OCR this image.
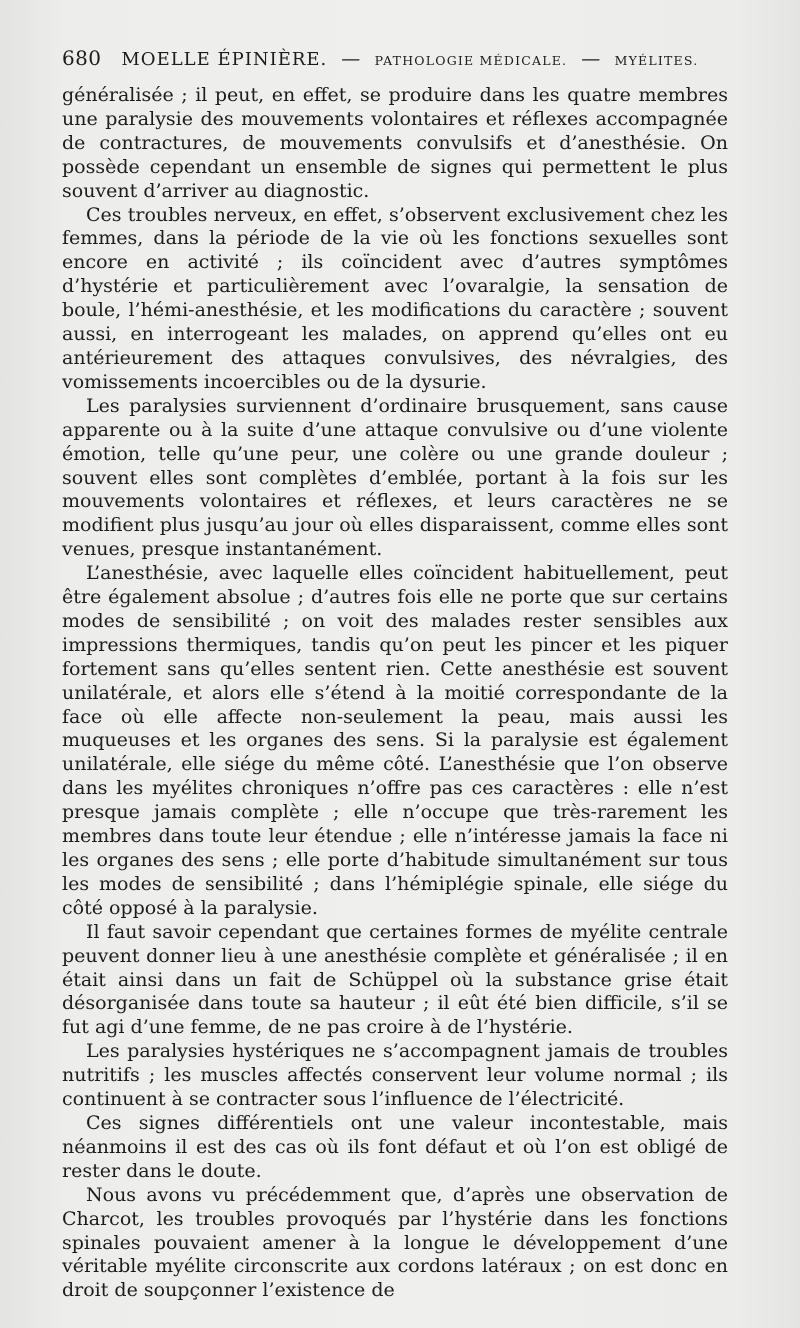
680 MOELLE ÉPINIÈRE. — PATHOLOGIE MÉDICALE. — MYÉLITES.

généralisée ; il peut, en effet, se produire dans les quatre membres une paralysie des mouvements volontaires et réflexes accompagnée de contractures, de mouvements convulsifs et d’anesthésie. On possède cependant un ensemble de signes qui permettent le plus souvent d’arriver au diagnostic.

Ces troubles nerveux, en effet, s’observent exclusivement chez les femmes, dans la période de la vie où les fonctions sexuelles sont encore en activité ; ils coïncident avec d’autres symptômes d’hystérie et particulièrement avec l’ovaralgie, la sensation de boule, l’hémi-anesthésie, et les modifications du caractère ; souvent aussi, en interrogeant les malades, on apprend qu’elles ont eu antérieurement des attaques convulsives, des névralgies, des vomissements incoercibles ou de la dysurie.

Les paralysies surviennent d’ordinaire brusquement, sans cause apparente ou à la suite d’une attaque convulsive ou d’une violente émotion, telle qu’une peur, une colère ou une grande douleur ; souvent elles sont complètes d’emblée, portant à la fois sur les mouvements volontaires et réflexes, et leurs caractères ne se modifient plus jusqu’au jour où elles disparaissent, comme elles sont venues, presque instantanément.

L’anesthésie, avec laquelle elles coïncident habituellement, peut être également absolue ; d’autres fois elle ne porte que sur certains modes de sensibilité ; on voit des malades rester sensibles aux impressions thermiques, tandis qu’on peut les pincer et les piquer fortement sans qu’elles sentent rien. Cette anesthésie est souvent unilatérale, et alors elle s’étend à la moitié correspondante de la face où elle affecte non-seulement la peau, mais aussi les muqueuses et les organes des sens. Si la paralysie est également unilatérale, elle siége du même côté. L’anesthésie que l’on observe dans les myélites chroniques n’offre pas ces caractères : elle n’est presque jamais complète ; elle n’occupe que très-rarement les membres dans toute leur étendue ; elle n’intéresse jamais la face ni les organes des sens ; elle porte d’habitude simultanément sur tous les modes de sensibilité ; dans l’hémiplégie spinale, elle siége du côté opposé à la paralysie.

Il faut savoir cependant que certaines formes de myélite centrale peuvent donner lieu à une anesthésie complète et généralisée ; il en était ainsi dans un fait de Schüppel où la substance grise était désorganisée dans toute sa hauteur ; il eût été bien difficile, s’il se fut agi d’une femme, de ne pas croire à de l’hystérie.

Les paralysies hystériques ne s’accompagnent jamais de troubles nutritifs ; les muscles affectés conservent leur volume normal ; ils continuent à se contracter sous l’influence de l’électricité.

Ces signes différentiels ont une valeur incontestable, mais néanmoins il est des cas où ils font défaut et où l’on est obligé de rester dans le doute.

Nous avons vu précédemment que, d’après une observation de Charcot, les troubles provoqués par l’hystérie dans les fonctions spinales pouvaient amener à la longue le développement d’une véritable myélite circonscrite aux cordons latéraux ; on est donc en droit de soupçonner l’existence de
